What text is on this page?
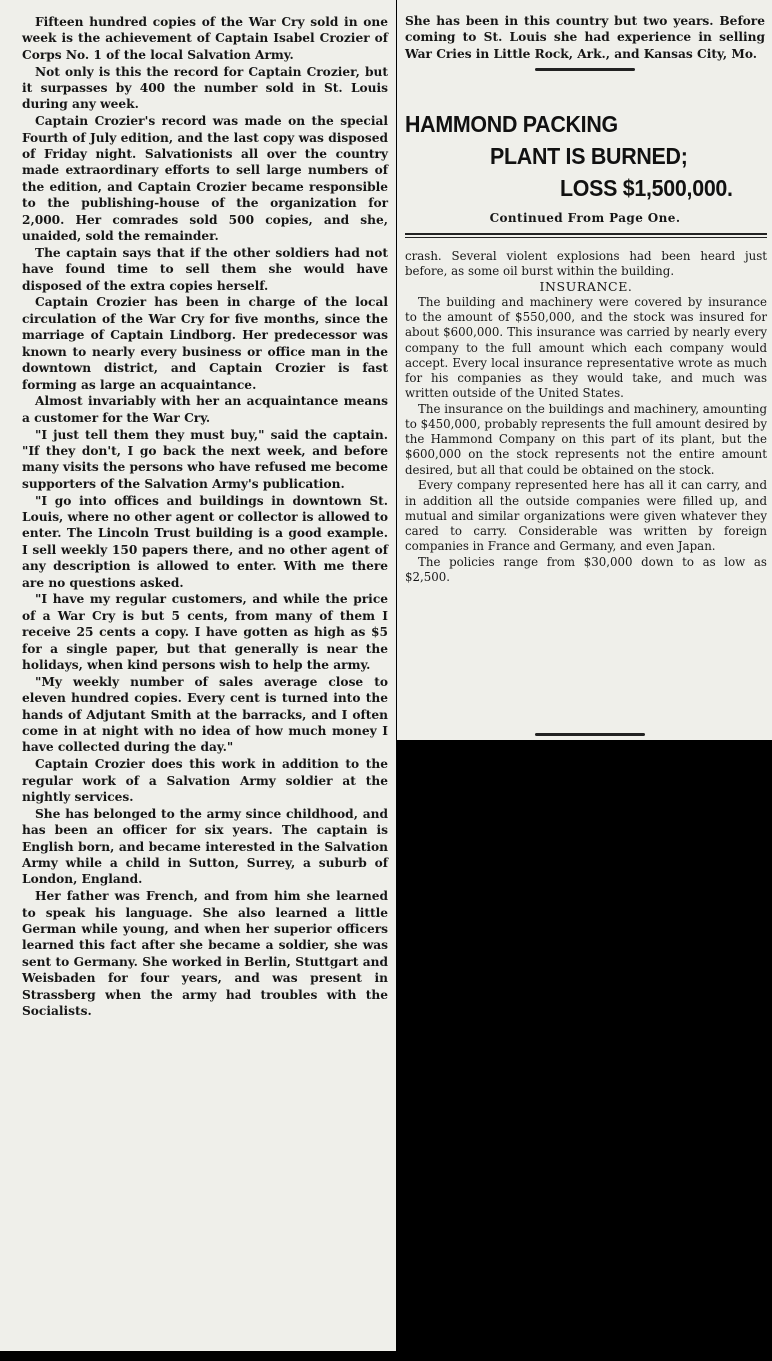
Fifteen hundred copies of the War Cry sold in one week is the achievement of Captain Isabel Crozier of Corps No. 1 of the local Salvation Army.

Not only is this the record for Captain Crozier, but it surpasses by 400 the number sold in St. Louis during any week.

Captain Crozier's record was made on the special Fourth of July edition, and the last copy was disposed of Friday night. Salvationists all over the country made extraordinary efforts to sell large numbers of the edition, and Captain Crozier became responsible to the publishing-house of the organization for 2,000. Her comrades sold 500 copies, and she, unaided, sold the remainder.

The captain says that if the other soldiers had not have found time to sell them she would have disposed of the extra copies herself.

Captain Crozier has been in charge of the local circulation of the War Cry for five months, since the marriage of Captain Lindborg. Her predecessor was known to nearly every business or office man in the downtown district, and Captain Crozier is fast forming as large an acquaintance.

Almost invariably with her an acquaintance means a customer for the War Cry.

"I just tell them they must buy," said the captain. "If they don't, I go back the next week, and before many visits the persons who have refused me become supporters of the Salvation Army's publication.

"I go into offices and buildings in downtown St. Louis, where no other agent or collector is allowed to enter. The Lincoln Trust building is a good example. I sell weekly 150 papers there, and no other agent of any description is allowed to enter. With me there are no questions asked.

"I have my regular customers, and while the price of a War Cry is but 5 cents, from many of them I receive 25 cents a copy. I have gotten as high as $5 for a single paper, but that generally is near the holidays, when kind persons wish to help the army.

"My weekly number of sales average close to eleven hundred copies. Every cent is turned into the hands of Adjutant Smith at the barracks, and I often come in at night with no idea of how much money I have collected during the day."

Captain Crozier does this work in addition to the regular work of a Salvation Army soldier at the nightly services.

She has belonged to the army since childhood, and has been an officer for six years. The captain is English born, and became interested in the Salvation Army while a child in Sutton, Surrey, a suburb of London, England.

Her father was French, and from him she learned to speak his language. She also learned a little German while young, and when her superior officers learned this fact after she became a soldier, she was sent to Germany. She worked in Berlin, Stuttgart and Weisbaden for four years, and was present in Strassberg when the army had troubles with the Socialists.

She has been in this country but two years. Before coming to St. Louis she had experience in selling War Cries in Little Rock, Ark., and Kansas City, Mo.

HAMMOND PACKING
PLANT IS BURNED;
LOSS $1,500,000.
Continued From Page One.

crash. Several violent explosions had been heard just before, as some oil burst within the building.

INSURANCE.

The building and machinery were covered by insurance to the amount of $550,000, and the stock was insured for about $600,000. This insurance was carried by nearly every company to the full amount which each company would accept. Every local insurance representative wrote as much for his companies as they would take, and much was written outside of the United States.

The insurance on the buildings and machinery, amounting to $450,000, probably represents the full amount desired by the Hammond Company on this part of its plant, but the $600,000 on the stock represents not the entire amount desired, but all that could be obtained on the stock.

Every company represented here has all it can carry, and in addition all the outside companies were filled up, and mutual and similar organizations were given whatever they cared to carry. Considerable was written by foreign companies in France and Germany, and even Japan.

The policies range from $30,000 down to as low as $2,500.
